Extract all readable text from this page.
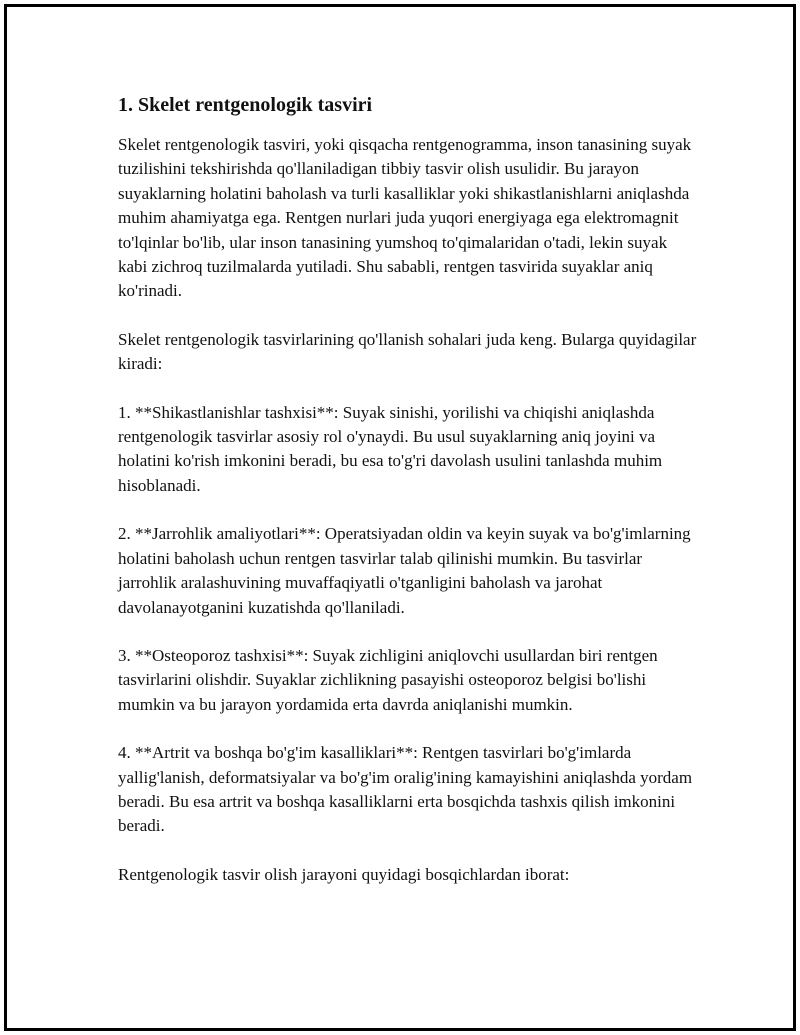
1. Skelet rentgenologik tasviri

Skelet rentgenologik tasviri, yoki qisqacha rentgenogramma, inson tanasining suyak tuzilishini tekshirishda qo'llaniladigan tibbiy tasvir olish usulidir. Bu jarayon suyaklarning holatini baholash va turli kasalliklar yoki shikastlanishlarni aniqlashda muhim ahamiyatga ega. Rentgen nurlari juda yuqori energiyaga ega elektromagnit to'lqinlar bo'lib, ular inson tanasining yumshoq to'qimalaridan o'tadi, lekin suyak kabi zichroq tuzilmalarda yutiladi. Shu sababli, rentgen tasvirida suyaklar aniq ko'rinadi.

Skelet rentgenologik tasvirlarining qo'llanish sohalari juda keng. Bularga quyidagilar kiradi:

1. **Shikastlanishlar tashxisi**: Suyak sinishi, yorilishi va chiqishi aniqlashda rentgenologik tasvirlar asosiy rol o'ynaydi. Bu usul suyaklarning aniq joyini va holatini ko'rish imkonini beradi, bu esa to'g'ri davolash usulini tanlashda muhim hisoblanadi.

2. **Jarrohlik amaliyotlari**: Operatsiyadan oldin va keyin suyak va bo'g'imlarning holatini baholash uchun rentgen tasvirlar talab qilinishi mumkin. Bu tasvirlar jarrohlik aralashuvining muvaffaqiyatli o'tganligini baholash va jarohat davolanayotganini kuzatishda qo'llaniladi.

3. **Osteoporoz tashxisi**: Suyak zichligini aniqlovchi usullardan biri rentgen tasvirlarini olishdir. Suyaklar zichlikning pasayishi osteoporoz belgisi bo'lishi mumkin va bu jarayon yordamida erta davrda aniqlanishi mumkin.

4. **Artrit va boshqa bo'g'im kasalliklari**: Rentgen tasvirlari bo'g'imlarda yallig'lanish, deformatsiyalar va bo'g'im oralig'ining kamayishini aniqlashda yordam beradi. Bu esa artrit va boshqa kasalliklarni erta bosqichda tashxis qilish imkonini beradi.

Rentgenologik tasvir olish jarayoni quyidagi bosqichlardan iborat:
